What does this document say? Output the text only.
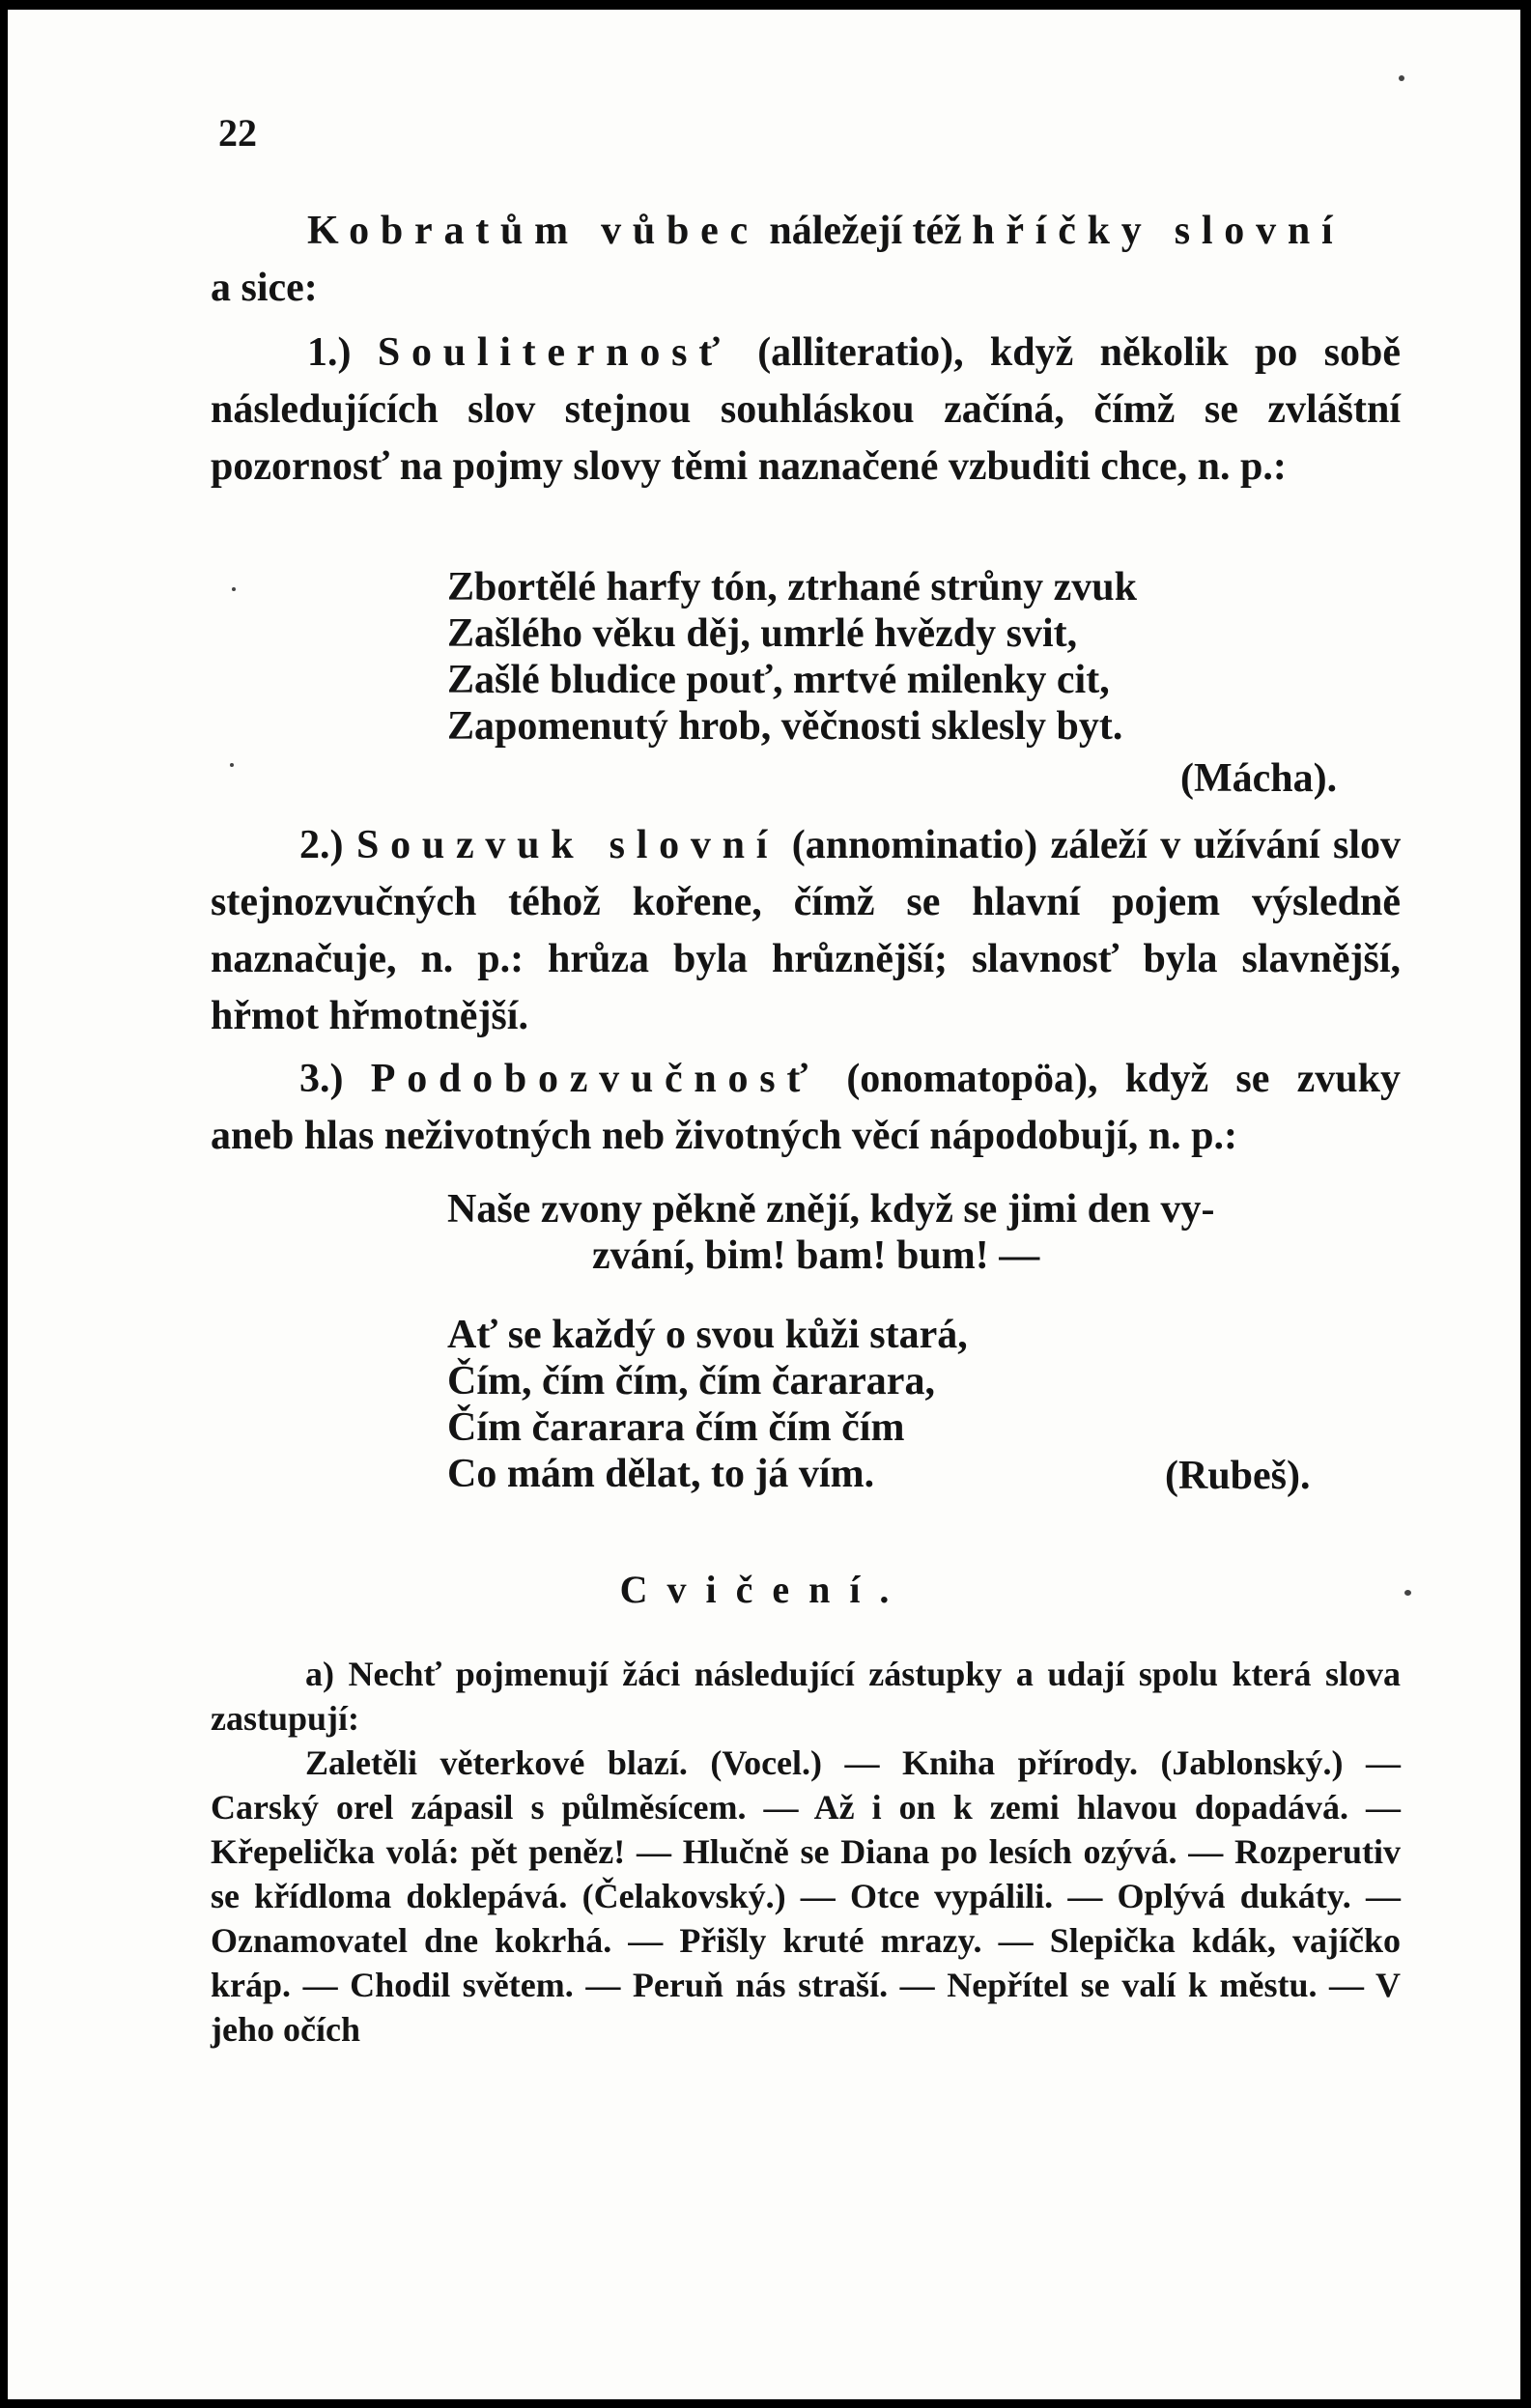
22
K obratům vůbec náležejí též hříčky slovní
a sice:
1.) Souliternosť (alliteratio), když několik po sobě následujících slov stejnou souhláskou začíná, čímž se zvláštní pozornosť na pojmy slovy těmi naznačené vzbuditi chce, n. p.:
Zbortělé harfy tón, ztrhané strůny zvuk
Zašlého věku děj, umrlé hvězdy svit,
Zašlé bludice pouť, mrtvé milenky cit,
Zapomenutý hrob, věčnosti sklesly byt.
(Mácha).
2.) Souzvuk slovní (annominatio) záleží v užívání slov stejnozvučných téhož kořene, čímž se hlavní pojem výsledně naznačuje, n. p.: hrůza byla hrůznější; slavnosť byla slavnější, hřmot hřmotnější.
3.) Podobozvučnosť (onomatopöa), když se zvuky aneb hlas neživotných neb životných věcí nápodobují, n. p.:
Naše zvony pěkně znějí, když se jimi den vy-
zvání, bim! bam! bum! —
Ať se každý o svou kůži stará,
Čím, čím čím, čím čararara,
Čím čararara čím čím čím
Co mám dělat, to já vím.	(Rubeš).
Cvičení.
a) Nechť pojmenují žáci následující zástupky a udají spolu která slova zastupují:
Zaletěli věterkové blazí. (Vocel.) — Kniha přírody. (Jablonský.) — Carský orel zápasil s půlměsícem. — Až i on k zemi hlavou dopadává. — Křepelička volá: pět peněz! — Hlučně se Diana po lesích ozývá. — Rozperutiv se křídloma doklepává. (Čelakovský.) — Otce vypálili. — Oplývá dukáty. — Oznamovatel dne kokrhá. — Přišly kruté mrazy. — Slepička kdák, vajíčko kráp. — Chodil světem. — Peruň nás straší. — Nepřítel se valí k městu. — V jeho očích
